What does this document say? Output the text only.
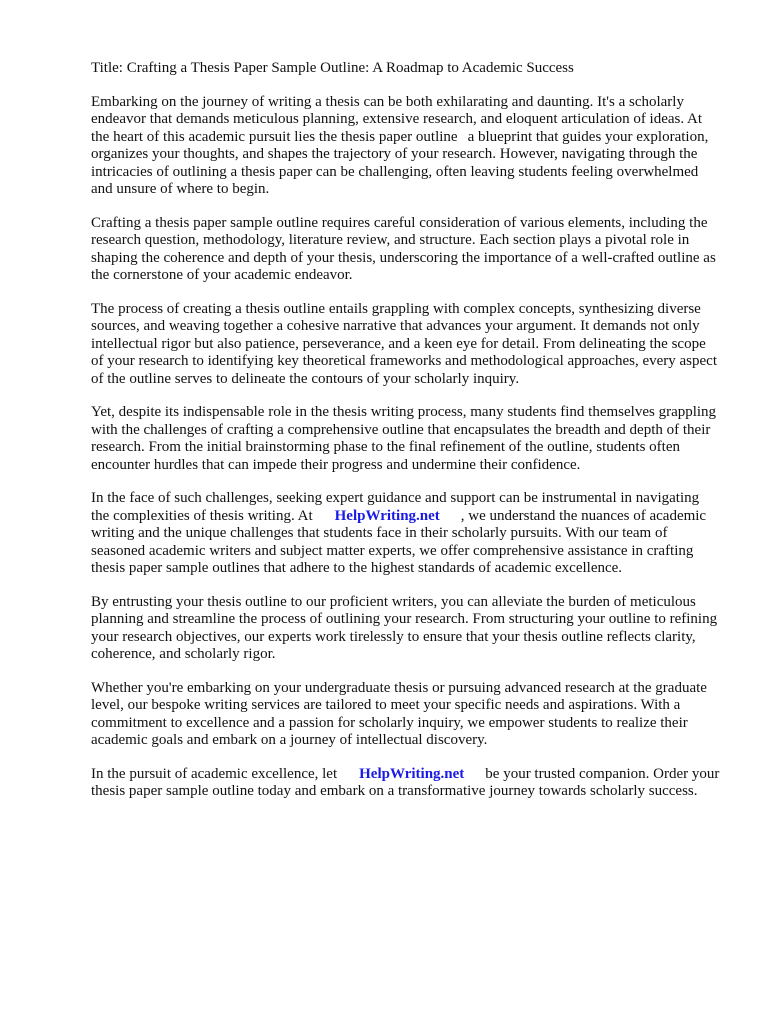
Title: Crafting a Thesis Paper Sample Outline: A Roadmap to Academic Success

Embarking on the journey of writing a thesis can be both exhilarating and daunting. It's a scholarly endeavor that demands meticulous planning, extensive research, and eloquent articulation of ideas. At the heart of this academic pursuit lies the thesis paper outline a blueprint that guides your exploration, organizes your thoughts, and shapes the trajectory of your research. However, navigating through the intricacies of outlining a thesis paper can be challenging, often leaving students feeling overwhelmed and unsure of where to begin.

Crafting a thesis paper sample outline requires careful consideration of various elements, including the research question, methodology, literature review, and structure. Each section plays a pivotal role in shaping the coherence and depth of your thesis, underscoring the importance of a well-crafted outline as the cornerstone of your academic endeavor.

The process of creating a thesis outline entails grappling with complex concepts, synthesizing diverse sources, and weaving together a cohesive narrative that advances your argument. It demands not only intellectual rigor but also patience, perseverance, and a keen eye for detail. From delineating the scope of your research to identifying key theoretical frameworks and methodological approaches, every aspect of the outline serves to delineate the contours of your scholarly inquiry.

Yet, despite its indispensable role in the thesis writing process, many students find themselves grappling with the challenges of crafting a comprehensive outline that encapsulates the breadth and depth of their research. From the initial brainstorming phase to the final refinement of the outline, students often encounter hurdles that can impede their progress and undermine their confidence.

In the face of such challenges, seeking expert guidance and support can be instrumental in navigating the complexities of thesis writing. At HelpWriting.net , we understand the nuances of academic writing and the unique challenges that students face in their scholarly pursuits. With our team of seasoned academic writers and subject matter experts, we offer comprehensive assistance in crafting thesis paper sample outlines that adhere to the highest standards of academic excellence.

By entrusting your thesis outline to our proficient writers, you can alleviate the burden of meticulous planning and streamline the process of outlining your research. From structuring your outline to refining your research objectives, our experts work tirelessly to ensure that your thesis outline reflects clarity, coherence, and scholarly rigor.

Whether you're embarking on your undergraduate thesis or pursuing advanced research at the graduate level, our bespoke writing services are tailored to meet your specific needs and aspirations. With a commitment to excellence and a passion for scholarly inquiry, we empower students to realize their academic goals and embark on a journey of intellectual discovery.

In the pursuit of academic excellence, let HelpWriting.net be your trusted companion. Order your thesis paper sample outline today and embark on a transformative journey towards scholarly success.
